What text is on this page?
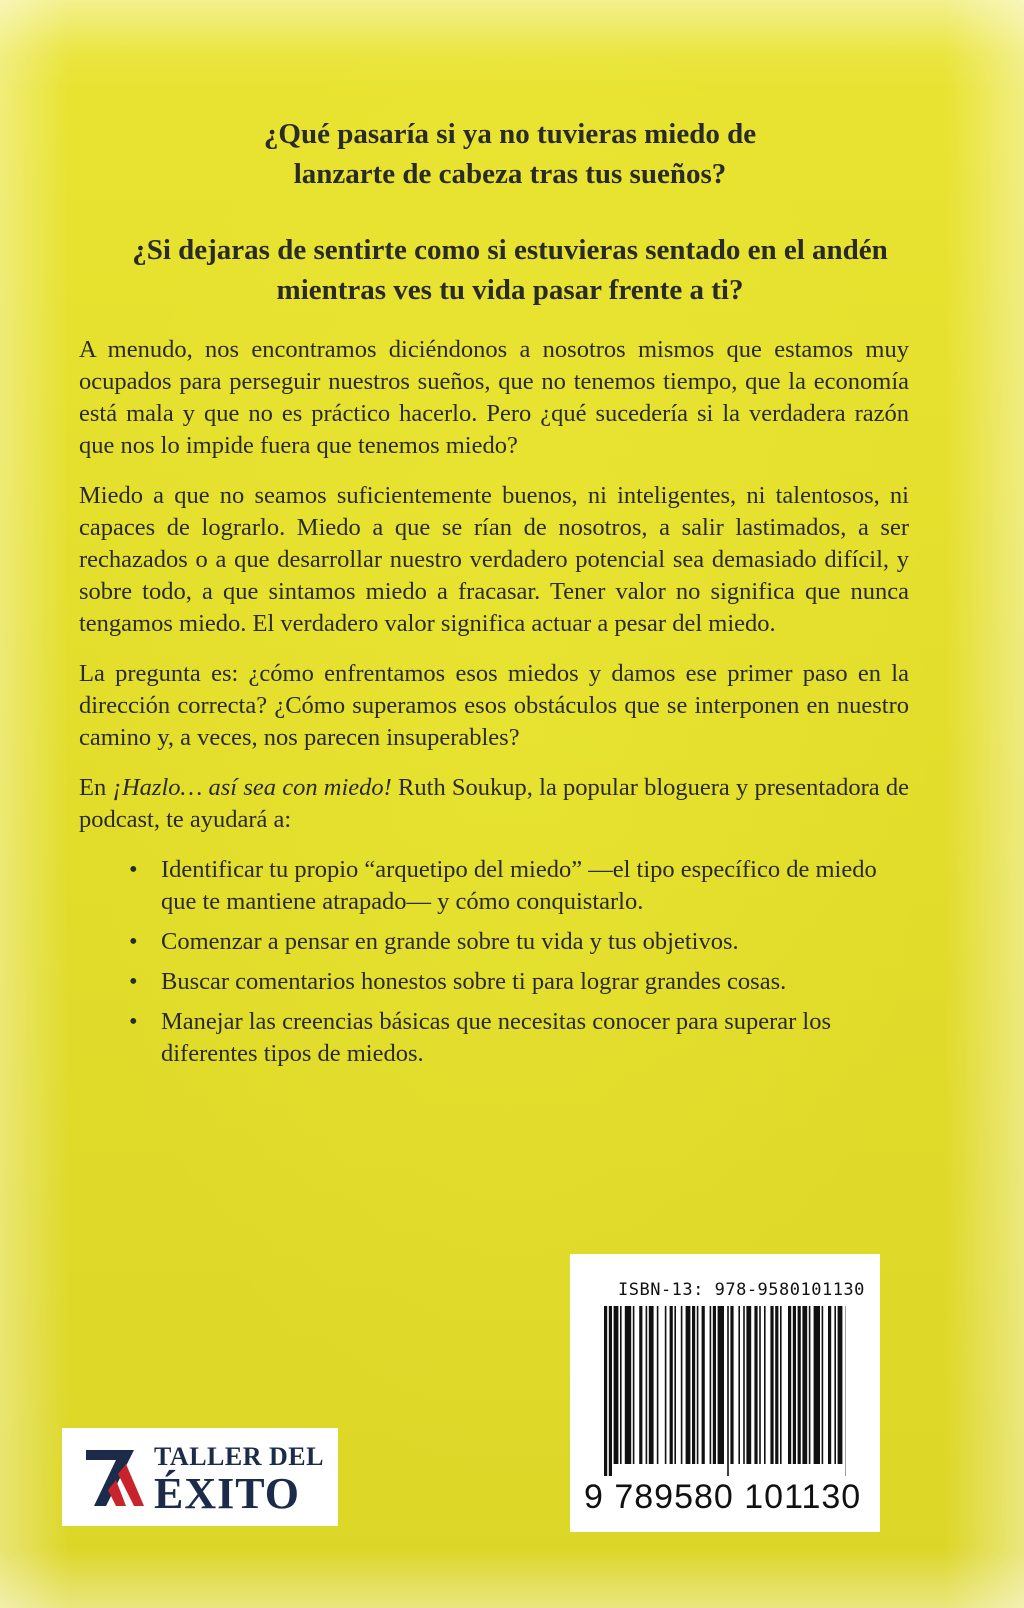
¿Qué pasaría si ya no tuvieras miedo de
lanzarte de cabeza tras tus sueños?
¿Si dejaras de sentirte como si estuvieras sentado en el andén
mientras ves tu vida pasar frente a ti?

A menudo, nos encontramos diciéndonos a nosotros mismos que estamos muy ocupados para perseguir nuestros sueños, que no tenemos tiempo, que la economía está mala y que no es práctico hacerlo. Pero ¿qué sucedería si la verdadera razón que nos lo impide fuera que tenemos miedo?

Miedo a que no seamos suficientemente buenos, ni inteligentes, ni talentosos, ni capaces de lograrlo. Miedo a que se rían de nosotros, a salir lastimados, a ser rechazados o a que desarrollar nuestro verdadero potencial sea demasiado difícil, y sobre todo, a que sintamos miedo a fracasar. Tener valor no significa que nunca tengamos miedo. El verdadero valor significa actuar a pesar del miedo.

La pregunta es: ¿cómo enfrentamos esos miedos y damos ese primer paso en la dirección correcta? ¿Cómo superamos esos obstáculos que se interponen en nuestro camino y, a veces, nos parecen insuperables?

En ¡Hazlo… así sea con miedo! Ruth Soukup, la popular bloguera y presentadora de podcast, te ayudará a:

• Identificar tu propio “arquetipo del miedo” —el tipo específico de miedo que te mantiene atrapado— y cómo conquistarlo.
• Comenzar a pensar en grande sobre tu vida y tus objetivos.
• Buscar comentarios honestos sobre ti para lograr grandes cosas.
• Manejar las creencias básicas que necesitas conocer para superar los diferentes tipos de miedos.
ISBN-13: 978-9580101130
9 789580 101130
TALLER DEL
ÉXITO
